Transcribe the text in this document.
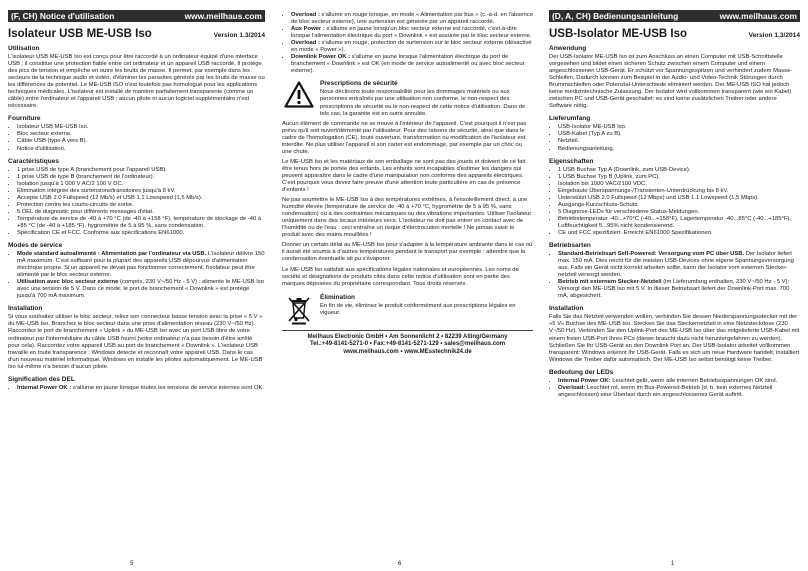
(F, CH) Notice d'utilisation	www.meilhaus.com
Isolateur USB ME-USB Iso	Version 1.3/2014
Utilisation

L'isolateur USB ME-USB Iso est conçu pour être raccordé à un ordinateur équipé d'une interface USB ; il constitue une protection fiable entre cet ordinateur et un appareil USB raccordé. Il protège des pics de tension et empêche en outre les bruits de masse. Il permet, par exemple dans les secteurs de la technique audio et vidéo, d'éliminer les parasites générés par les bruits de masse ou les différences de potentiel. Le ME-USB ISO n'est toutefois pas homologué pour les applications techniques médicales. L'isolateur est installé de manière parfaitement transparente (comme un câble) entre l'ordinateur et l'appareil USB ; aucun pilote ni aucun logiciel supplémentaire n'est nécessaire.

Fourniture
• Isolateur USB ME-USB Iso.
• Bloc secteur externe.
• Câble USB (type A vers B).
• Notice d'utilisation.
Caractéristiques
• 1 prise USB de type A (branchement pour l'appareil USB).
• 1 prise USB de type B (branchement de l'ordinateur).
• Isolation jusqu'à 1 000 V AC/2 100 V DC.
• Élimination intégrée des surtensions/transitoires jusqu'à 8 kV.
• Accepte USB 2.0 Fullspeed (12 Mb/s) et USB 1.1 Lowspeed (1,5 Mb/s).
• Protection contre les courts-circuits de sortie.
• 5 DEL de diagnostic pour différents messages d'état.
• Température de service de -40 à +70 °C (de -40 à +158 °F), température de stockage de -40 à +85 °C (de -40 à +185 °F), hygrométrie de 5 à 95 %, sans condensation.
• Spécification CE et FCC. Conforme aux spécifications EN61000.
Modes de service
• Mode standard autoalimenté : Alimentation par l'ordinateur via USB. L'isolateur délivre 150 mA maximum. C'est suffisant pour la plupart des appareils USB dépourvus d'alimentation électrique propre. Si un appareil ne devait pas fonctionner correctement, l'isolateur peut être alimenté par le bloc secteur externe.
• Utilisation avec bloc secteur externe (compris, 230 V~/50 Hz - 5 V) : alimente le ME-USB Iso avec une tension de 5 V. Dans ce mode, le port de branchement « Downlink » est protégé jusqu'à 700 mA maximum.
Installation

Si vous souhaitez utiliser le bloc secteur, reliez son connecteur basse tension avec la prise « 5 V » du ME-USB Iso. Branchez le bloc secteur dans une prise d'alimentation réseau (230 V~/50 Hz). Raccordez le port de branchement « Uplink » du ME-USB Iso avec un port USB libre de votre ordinateur par l'intermédiaire du câble USB fourni (votre ordinateur n'a pas besoin d'être arrêté pour cela). Raccordez votre appareil USB au port de branchement « Downlink ». L'isolateur USB travaille en toute transparence : Windows détecte et reconnaît votre appareil USB. Dans le cas d'un nouveau matériel informatique, Windows en installe les pilotes automatiquement. Le ME-USB Iso lui-même n'a besoin d'aucun pilote.

Signification des DEL
• Internal Power OK : s'allume en jaune lorsque toutes les tensions de service internes sont OK.
5
• Overload : s'allume en rouge lorsque, en mode « Alimentation par bus » (c.-à-d. en l'absence de bloc secteur externe), une surtension est générée par un appareil raccordé.
• Aux Power : s'allume en jaune lorsqu'un bloc secteur externe est raccordé, c'est-à-dire lorsque l'alimentation électrique du port « Downlink » est assurée par le bloc secteur externe.
• Overload : s'allume en rouge, protection de surtension sur le bloc secteur externe (désactivé en mode « Power »).
• Downlink Power OK : s'allume en jaune lorsque l'alimentation électrique du port de branchement « Downlink » est OK (en mode de service autoalimenté ou avec bloc secteur externe).
Prescriptions de sécurité

Nous déclinons toute responsabilité pour les dommages matériels ou aux personnes entraînés par une utilisation non conforme, le non-respect des prescriptions de sécurité ou le non-respect de cette notice d'utilisation. Dans de tels cas, la garantie est en outre annulée.

Aucun élément de commande ne se trouve à l'intérieur de l'appareil. C'est pourquoi il n'est pas prévu qu'il soit ouvert/démonté par l'utilisateur. Pour des raisons de sécurité, ainsi que dans le cadre de l'homologation (CE), toute ouverture, transformation ou modification de l'isolateur est interdite. Ne plus utiliser l'appareil si son carter est endommagé, par exemple par un choc ou une chute.

Le ME-USB Iso et les matériaux de son emballage ne sont pas des jouets et doivent de ce fait être tenus hors de portée des enfants. Les enfants sont incapables d'estimer les dangers qui peuvent apparaître dans le cadre d'une manipulation non conforme des appareils électriques. C'est pourquoi vous devez faire preuve d'une attention toute particulière en cas de présence d'enfants !

Ne pas soumettre le ME-USB Iso à des températures extrêmes, à l'ensoleillement direct, à une humidité élevée (température de service de -40 à +70 °C, hygrométrie de 5 à 95 %, sans condensation) ou à des contraintes mécaniques ou des vibrations importantes. Utiliser l'isolateur uniquement dans des locaux intérieurs secs. L'isolateur ne doit pas entrer en contact avec de l'humidité ou de l'eau : ceci entraîne un risque d'électrocution mortelle ! Ne jamais saisir le produit avec des mains mouillées !

Donner un certain délai au ME-USB Iso pour s'adapter à la température ambiante dans le cas où il aurait été soumis à d'autres températures pendant le transport par exemple : attendre que la condensation éventuelle ait pu s'évaporer.

Le ME-USB Iso satisfait aux spécifications légales nationales et européennes. Les noms de société et désignations de produits cités dans cette notice d'utilisation sont en partie des marques déposées du propriétaire correspondant. Tous droits réservés.

Élimination

En fin de vie, éliminez le produit conformément aux prescriptions légales en vigueur.

Meilhaus Electronic GmbH • Am Sonnenlicht 2 • 82239 Alling/Germany
Tel.:+49-8141-5271-0 • Fax:+49-8141-5271-129 • sales@meilhaus.com
www.meilhaus.com • www.MEsstechnik24.de
6
(D, A, CH) Bedienungsanleitung	www.meilhaus.com
USB-Isolator ME-USB Iso	Version 1.3/2014
Anwendung

Der USB-Isolator ME-USB Iso ist zum Anschluss an einen Computer mit USB-Schnittstelle vorgesehen und bildet einen sicheren Schutz zwischen einem Computer und einem angeschlossenen USB-Gerät. Er schützt vor Spannungsspitzen und verhindert zudem Masse-Schleifen. Dadurch können zum Beispiel in der Audio- und Video-Technik Störungen durch Brummschleifen oder Potenzial-Unterschiede eliminiert werden. Der ME-USB ISO hat jedoch keine medizintechnische Zulassung. Der Isolator wird vollkommen transparent (wie ein Kabel) zwischen PC und USB-Gerät geschaltet; es sind keine zusätzlichen Treiber oder andere Software nötig.

Lieferumfang
• USB-Isolator ME-USB Iso.
• USB-Kabel (Typ A zu B).
• Netzteil.
• Bedienungsanleitung.
Eigenschaften
• 1 USB Buchse Typ A (Downlink, zum USB-Device).
• 1 USB Buchse Typ B (Uplink, zum PC).
• Isolation bis 1000 VAC/2100 VDC.
• Eingebaute Überspannungs-/Transienten-Unterdrückung bis 8 kV.
• Unterstützt USB 2.0 Fullspeed (12 Mbps) und USB 1.1 Lowspeed (1,5 Mbps).
• Ausgangs-Kurzschluss-Schutz.
• 5 Diagnose-LEDs für verschiedene Status-Meldungen.
• Betriebstemperatur -40...+70°C (-40...+158°F), Lagertemperatur -40...85°C (-40...+185°F), Luftfeuchtigkeit 5...95% nicht kondensierend.
• CE und FCC spezifiziert. Erreicht EN61000 Spezifikationen.
Betriebsarten
• Standard-Betriebsart Self-Powered: Versorgung vom PC über USB. Der Isolator liefert max. 150 mA. Dies reicht für die meisten USB-Devices ohne eigene Spannungsversorgung aus. Falls ein Gerät nicht korrekt arbeiten sollte, kann der Isolator vom externen Stecker-netzteil versorgt werden.
• Betrieb mit externem Stecker-Netzteil (im Lieferumfang enthalten, 230 V~/50 Hz - 5 V): Versorgt den ME-USB Iso mit 5 V. In dieser Betriebsart liefert der Downlink-Port max. 700 mA, abgesichert.
Installation

Falls Sie das Netzteil verwenden wollen, verbinden Sie dessen Niederspannungsstecker mit der »5 V« Buchse des ME-USB Iso. Stecken Sie das Steckernetzteil in eine Netzsteckdose (230 V~/50 Hz). Verbinden Sie den Uplink-Port des ME-USB Iso über das mitgelieferte USB-Kabel mit einem freien USB-Port Ihres PCs (dieser braucht dazu nicht heruntergefahren zu werden). Schließen Sie Ihr USB-Gerät an den Downlink Port an. Der USB-Isolator arbeitet vollkommen transparent: Windows erkennt Ihr USB-Gerät. Falls es sich um neue Hardware handelt, installiert Windows die Treiber dafür automatisch. Der ME-USB Iso selbst benötigt keine Treiber.

Bedeutung der LEDs
• Internal Power OK: Leuchtet gelb, wenn alle internen Betriebsspannungen OK sind.
• Overload: Leuchtet rot, wenn im Bus-Powered-Betrieb (d. h. kein externes Netzteil angeschlossen) eine Überlast durch ein angeschlossenes Gerät auftritt.
1
